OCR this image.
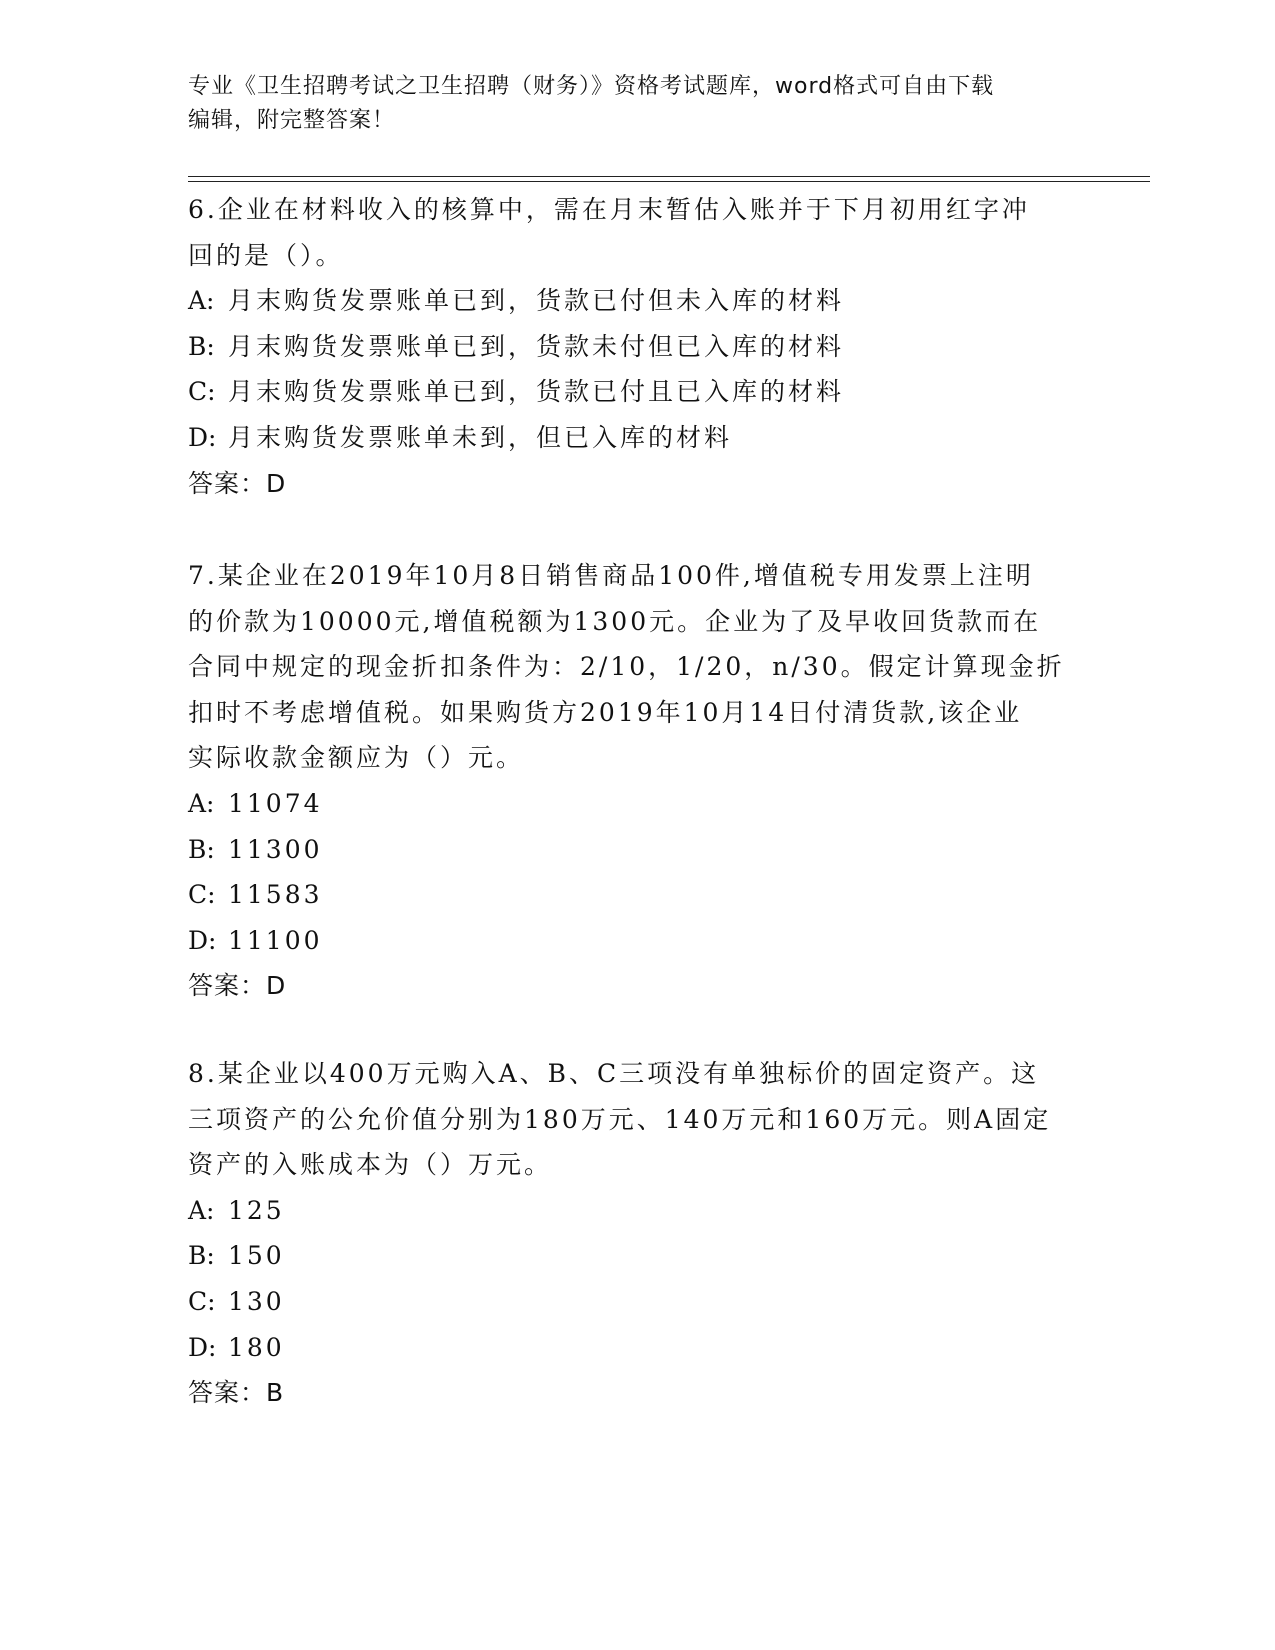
专业《卫生招聘考试之卫生招聘（财务）》资格考试题库，word格式可自由下载
编辑，附完整答案！

6.企业在材料收入的核算中，需在月末暂估入账并于下月初用红字冲

回的是（）。

A: 月末购货发票账单已到，货款已付但未入库的材料

B: 月末购货发票账单已到，货款未付但已入库的材料

C: 月末购货发票账单已到，货款已付且已入库的材料

D: 月末购货发票账单未到，但已入库的材料

答案：D

7.某企业在2019年10月8日销售商品100件,增值税专用发票上注明

的价款为10000元,增值税额为1300元。企业为了及早收回货款而在

合同中规定的现金折扣条件为：2/10，1/20，n/30。假定计算现金折

扣时不考虑增值税。如果购货方2019年10月14日付清货款,该企业

实际收款金额应为（）元。

A: 11074

B: 11300

C: 11583

D: 11100

答案：D

8.某企业以400万元购入A、B、C三项没有单独标价的固定资产。这

三项资产的公允价值分别为180万元、140万元和160万元。则A固定

资产的入账成本为（）万元。

A: 125

B: 150

C: 130

D: 180

答案：B
